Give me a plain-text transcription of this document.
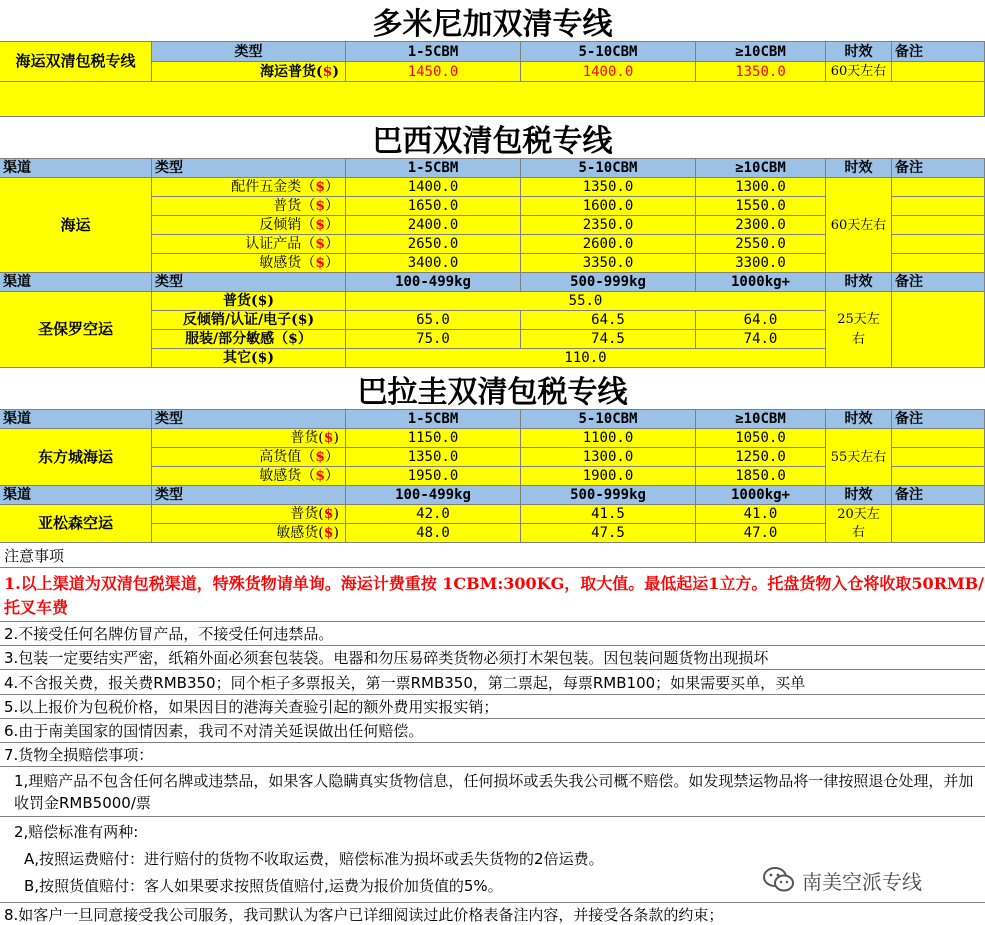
多米尼加双清专线
海运双清包税专线
类型	1-5CBM	5-10CBM	≥10CBM	时效	备注
海运普货( $ )	1450.0	1400.0	1350.0	60天左右
巴西双清包税专线
渠道	类型	1-5CBM	5-10CBM	≥10CBM	时效	备注
海运	60天左右
配件五金类（ $ ）	1400.0	1350.0	1300.0
普货（ $ ）	1650.0	1600.0	1550.0
反倾销（ $ ）	2400.0	2350.0	2300.0
认证产品（ $ ）	2650.0	2600.0	2550.0
敏感货（ $ ）	3400.0	3350.0	3300.0
渠道	类型	100-499kg	500-999kg	1000kg+	时效	备注
圣保罗空运
25天左右
普货($)	55.0
反倾销/认证/电子($)	65.0	64.5	64.0
服装/部分敏感（$）	75.0	74.5	74.0
其它($)	110.0
巴拉圭双清包税专线
渠道	类型	1-5CBM	5-10CBM	≥10CBM	时效	备注
东方城海运	55天左右
普货( $ )	1150.0	1100.0	1050.0
高货值（ $ ）	1350.0	1300.0	1250.0
敏感货（ $ ）	1950.0	1900.0	1850.0
渠道	类型	100-499kg	500-999kg	1000kg+	时效	备注
亚松森空运	20天左右
普货( $ )	42.0	41.5	41.0
敏感货( $ )	48.0	47.5	47.0
注意事项
1.以上渠道为双清包税渠道，特殊货物请单询。海运计费重按 1CBM:300KG，取大值。最低起运1立方。托盘货物入仓将收取50RMB/托叉车费
2.不接受任何名牌仿冒产品，不接受任何违禁品。
3.包装一定要结实严密，纸箱外面必须套包装袋。电器和勿压易碎类货物必须打木架包装。因包装问题货物出现损坏
4.不含报关费，报关费RMB350；同个柜子多票报关，第一票RMB350，第二票起，每票RMB100；如果需要买单，买单
5.以上报价为包税价格，如果因目的港海关查验引起的额外费用实报实销；
6.由于南美国家的国情因素，我司不对清关延误做出任何赔偿。
7.货物全损赔偿事项：
1,理赔产品不包含任何名牌或违禁品，如果客人隐瞒真实货物信息，任何损坏或丢失我公司概不赔偿。如发现禁运物品将一律按照退仓处理，并加收罚金RMB5000/票
2,赔偿标准有两种:
A,按照运费赔付：进行赔付的货物不收取运费，赔偿标准为损坏或丢失货物的2倍运费。
B,按照货值赔付：客人如果要求按照货值赔付,运费为报价加货值的5%。
8.如客户一旦同意接受我公司服务，我司默认为客户已详细阅读过此价格表备注内容，并接受各条款的约束；
南美空派专线
